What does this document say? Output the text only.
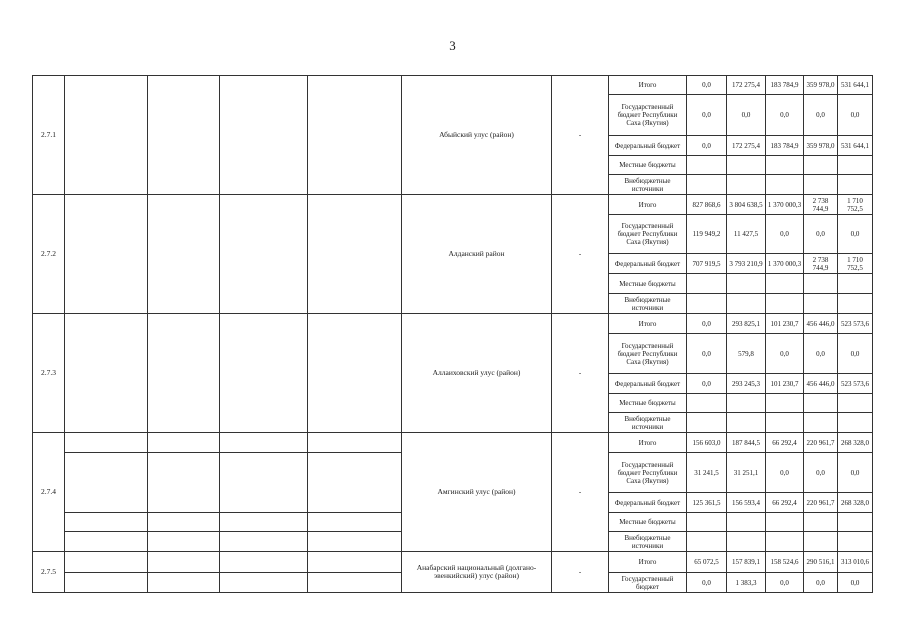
3
2.7.1					Абыйский улус (район)	-	Итого	0,0	172 275,4	183 784,9	359 978,0	531 644,1
							Государственный бюджет Республики Саха (Якутия)	0,0	0,0	0,0	0,0	0,0
							Федеральный бюджет	0,0	172 275,4	183 784,9	359 978,0	531 644,1
							Местные бюджеты					
							Внебюджетные источники					
2.7.2					Алданский район	-	Итого	827 868,6	3 804 638,5	1 370 000,3	2 738 744,9	1 710 752,5
							Государственный бюджет Республики Саха (Якутия)	119 949,2	11 427,5	0,0	0,0	0,0
							Федеральный бюджет	707 919,5	3 793 210,9	1 370 000,3	2 738 744,9	1 710 752,5
							Местные бюджеты					
							Внебюджетные источники					
2.7.3					Аллаиховский улус (район)	-	Итого	0,0	293 825,1	101 230,7	456 446,0	523 573,6
							Государственный бюджет Республики Саха (Якутия)	0,0	579,8	0,0	0,0	0,0
							Федеральный бюджет	0,0	293 245,3	101 230,7	456 446,0	523 573,6
							Местные бюджеты					
							Внебюджетные источники					
2.7.4					Амгинский улус (район)	-	Итого	156 603,0	187 844,5	66 292,4	220 961,7	268 328,0
							Государственный бюджет Республики Саха (Якутия)	31 241,5	31 251,1	0,0	0,0	0,0
							Федеральный бюджет	125 361,5	156 593,4	66 292,4	220 961,7	268 328,0
							Местные бюджеты					
							Внебюджетные источники					
2.7.5					Анабарский национальный (долгано-эвенкийский) улус (район)	-	Итого	65 072,5	157 839,1	158 524,6	290 516,1	313 010,6
							Государственный бюджет	0,0	1 383,3	0,0	0,0	0,0
